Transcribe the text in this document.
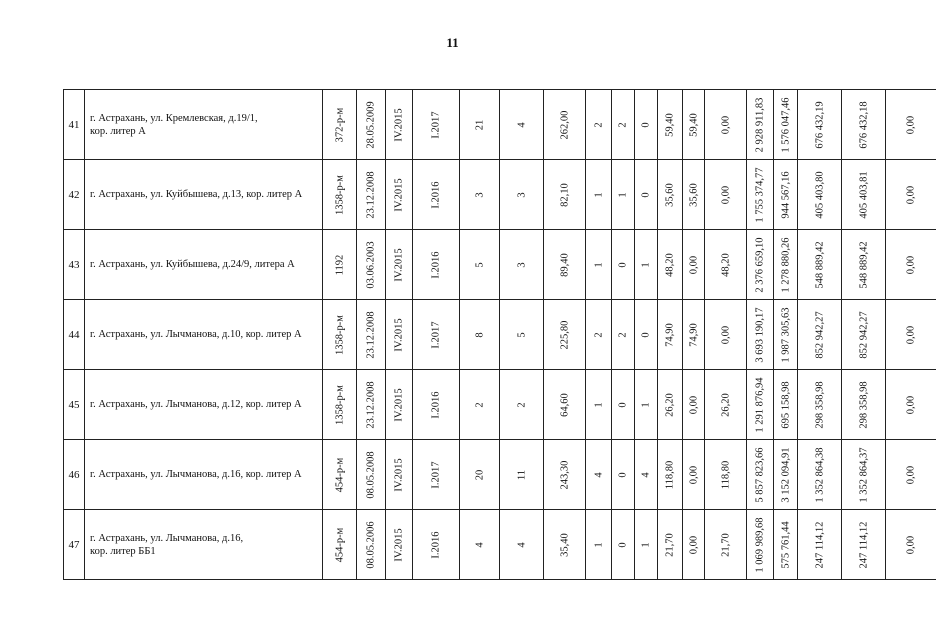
11
41	г. Астрахань, ул. Кремлевская, д.19/1,
кор. литер А	372-р-м	28.05.2009	IV.2015	I.2017	21	4	262,00	2	2	0	59,40	59,40	0,00	2 928 911,83	1 576 047,46	676 432,19	676 432,18	0,00

42	г. Астрахань, ул. Куйбышева, д.13, кор. литер А	1358-р-м	23.12.2008	IV.2015	I.2016	3	3	82,10	1	1	0	35,60	35,60	0,00	1 755 374,77	944 567,16	405 403,80	405 403,81	0,00

43	г. Астрахань, ул. Куйбышева, д.24/9, литера А	1192	03.06.2003	IV.2015	I.2016	5	3	89,40	1	0	1	48,20	0,00	48,20	2 376 659,10	1 278 880,26	548 889,42	548 889,42	0,00

44	г. Астрахань, ул. Лычманова, д.10, кор. литер А	1358-р-м	23.12.2008	IV.2015	I.2017	8	5	225,80	2	2	0	74,90	74,90	0,00	3 693 190,17	1 987 305,63	852 942,27	852 942,27	0,00

45	г. Астрахань, ул. Лычманова, д.12, кор. литер А	1358-р-м	23.12.2008	IV.2015	I.2016	2	2	64,60	1	0	1	26,20	0,00	26,20	1 291 876,94	695 158,98	298 358,98	298 358,98	0,00

46	г. Астрахань, ул. Лычманова, д.16, кор. литер А	454-р-м	08.05.2008	IV.2015	I.2017	20	11	243,30	4	0	4	118,80	0,00	118,80	5 857 823,66	3 152 094,91	1 352 864,38	1 352 864,37	0,00

47	г. Астрахань, ул. Лычманова, д.16,
кор. литер ББ1	454-р-м	08.05.2006	IV.2015	I.2016	4	4	35,40	1	0	1	21,70	0,00	21,70	1 069 989,68	575 761,44	247 114,12	247 114,12	0,00
